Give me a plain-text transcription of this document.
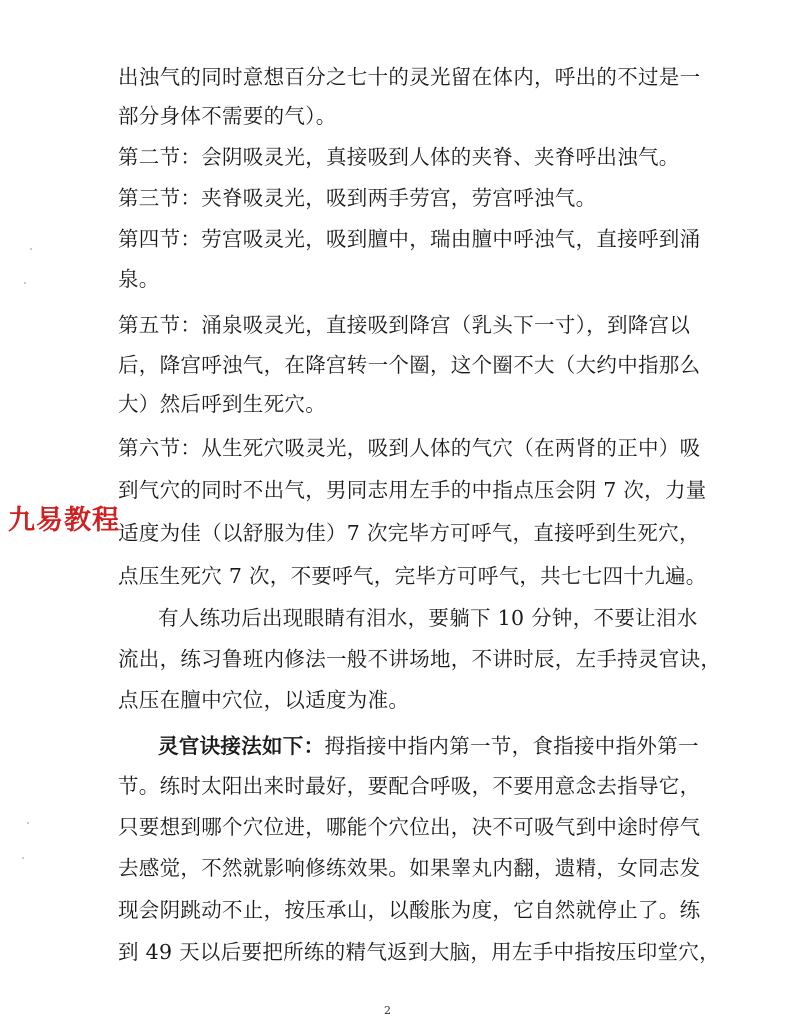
出浊气的同时意想百分之七十的灵光留在体内，呼出的不过是一
部分身体不需要的气）。
第二节：会阴吸灵光，真接吸到人体的夹脊、夹脊呼出浊气。
第三节：夹脊吸灵光，吸到两手劳宫，劳宫呼浊气。
第四节：劳宫吸灵光，吸到膻中，瑞由膻中呼浊气，直接呼到涌
泉。
第五节：涌泉吸灵光，直接吸到降宫（乳头下一寸），到降宫以
后，降宫呼浊气，在降宫转一个圈，这个圈不大（大约中指那么
大）然后呼到生死穴。
第六节：从生死穴吸灵光，吸到人体的气穴（在两肾的正中）吸
到气穴的同时不出气，男同志用左手的中指点压会阴 7 次，力量
适度为佳（以舒服为佳）7 次完毕方可呼气，直接呼到生死穴，
点压生死穴 7 次，不要呼气，完毕方可呼气，共七七四十九遍。
有人练功后出现眼睛有泪水，要躺下 10 分钟，不要让泪水
流出，练习鲁班内修法一般不讲场地，不讲时辰，左手持灵官诀，
点压在膻中穴位，以适度为准。
灵官诀接法如下：拇指接中指内第一节，食指接中指外第一
节。练时太阳出来时最好，要配合呼吸，不要用意念去指导它，
只要想到哪个穴位进，哪能个穴位出，决不可吸气到中途时停气
去感觉，不然就影响修练效果。如果睾丸内翻，遗精，女同志发
现会阴跳动不止，按压承山，以酸胀为度，它自然就停止了。练
到 49 天以后要把所练的精气返到大脑，用左手中指按压印堂穴，
九易教程
2
